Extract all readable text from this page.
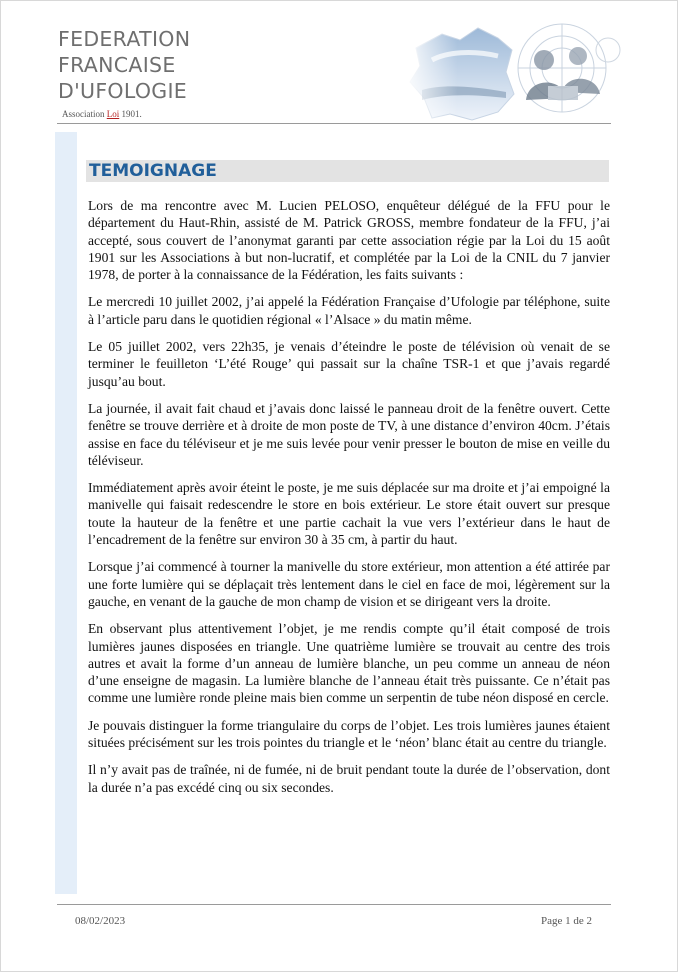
FEDERATION
FRANCAISE
D'UFOLOGIE
Association Loi 1901.
TEMOIGNAGE

Lors de ma rencontre avec M. Lucien PELOSO, enquêteur délégué de la FFU pour le département du Haut-Rhin, assisté de M. Patrick GROSS, membre fondateur de la FFU, j’ai accepté, sous couvert de l’anonymat garanti par cette association régie par la Loi du 15 août 1901 sur les Associations à but non-lucratif, et complétée par la Loi de la CNIL du 7 janvier 1978, de porter à la connaissance de la Fédération, les faits suivants :

Le mercredi 10 juillet 2002, j’ai appelé la Fédération Française d’Ufologie par téléphone, suite à l’article paru dans le quotidien régional « l’Alsace » du matin même.

Le 05 juillet 2002, vers 22h35, je venais d’éteindre le poste de télévision où venait de se terminer le feuilleton ‘L’été Rouge’ qui passait sur la chaîne TSR-1 et que j’avais regardé jusqu’au bout.

La journée, il avait fait chaud et j’avais donc laissé le panneau droit de la fenêtre ouvert. Cette fenêtre se trouve derrière et à droite de mon poste de TV, à une distance d’environ 40cm. J’étais assise en face du téléviseur et je me suis levée pour venir presser le bouton de mise en veille du téléviseur.

Immédiatement après avoir éteint le poste, je me suis déplacée sur ma droite et j’ai empoigné la manivelle qui faisait redescendre le store en bois extérieur. Le store était ouvert sur presque toute la hauteur de la fenêtre et une partie cachait la vue vers l’extérieur dans le haut de l’encadrement de la fenêtre sur environ 30 à 35 cm, à partir du haut.

Lorsque j’ai commencé à tourner la manivelle du store extérieur, mon attention a été attirée par une forte lumière qui se déplaçait très lentement dans le ciel en face de moi, légèrement sur la gauche, en venant de la gauche de mon champ de vision et se dirigeant vers la droite.

En observant plus attentivement l’objet, je me rendis compte qu’il était composé de trois lumières jaunes disposées en triangle. Une quatrième lumière se trouvait au centre des trois autres et avait la forme d’un anneau de lumière blanche, un peu comme un anneau de néon d’une enseigne de magasin. La lumière blanche de l’anneau était très puissante. Ce n’était pas comme une lumière ronde pleine mais bien comme un serpentin de tube néon disposé en cercle.

Je pouvais distinguer la forme triangulaire du corps de l’objet. Les trois lumières jaunes étaient situées précisément sur les trois pointes du triangle et le ‘néon’ blanc était au centre du triangle.

Il n’y avait pas de traînée, ni de fumée, ni de bruit pendant toute la durée de l’observation, dont la durée n’a pas excédé cinq ou six secondes.

08/02/2023	Page 1 de 2
